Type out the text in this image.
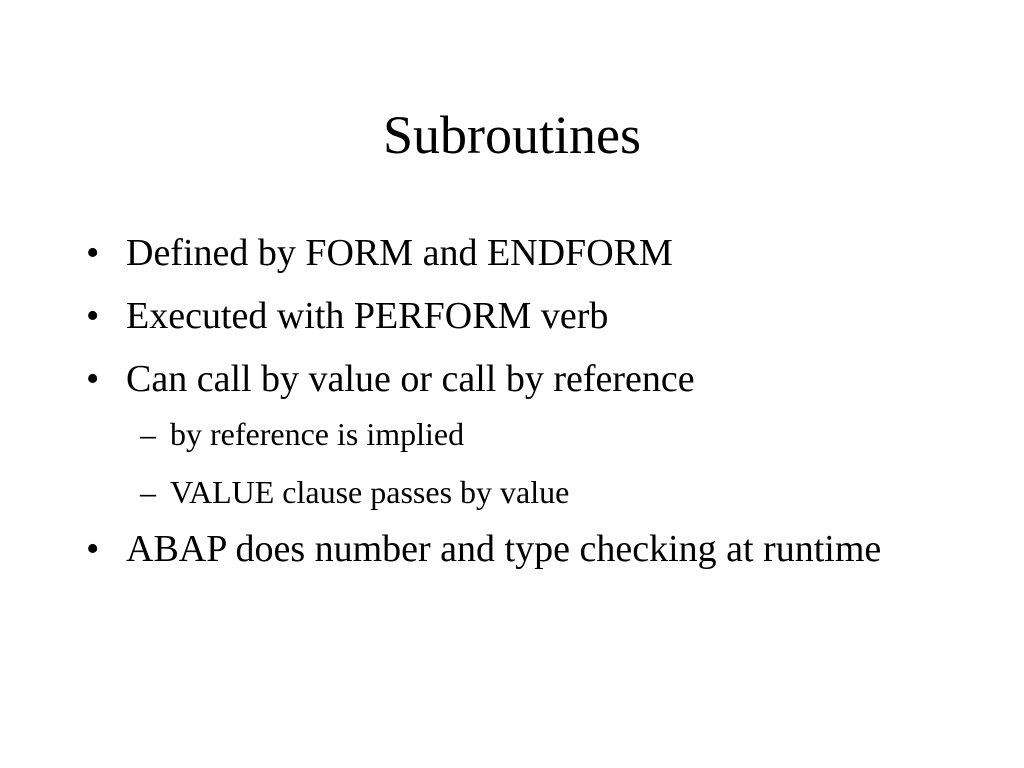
Subroutines
• Defined by FORM and ENDFORM
• Executed with PERFORM verb
• Can call by value or call by reference
– by reference is implied
– VALUE clause passes by value
• ABAP does number and type checking at runtime
